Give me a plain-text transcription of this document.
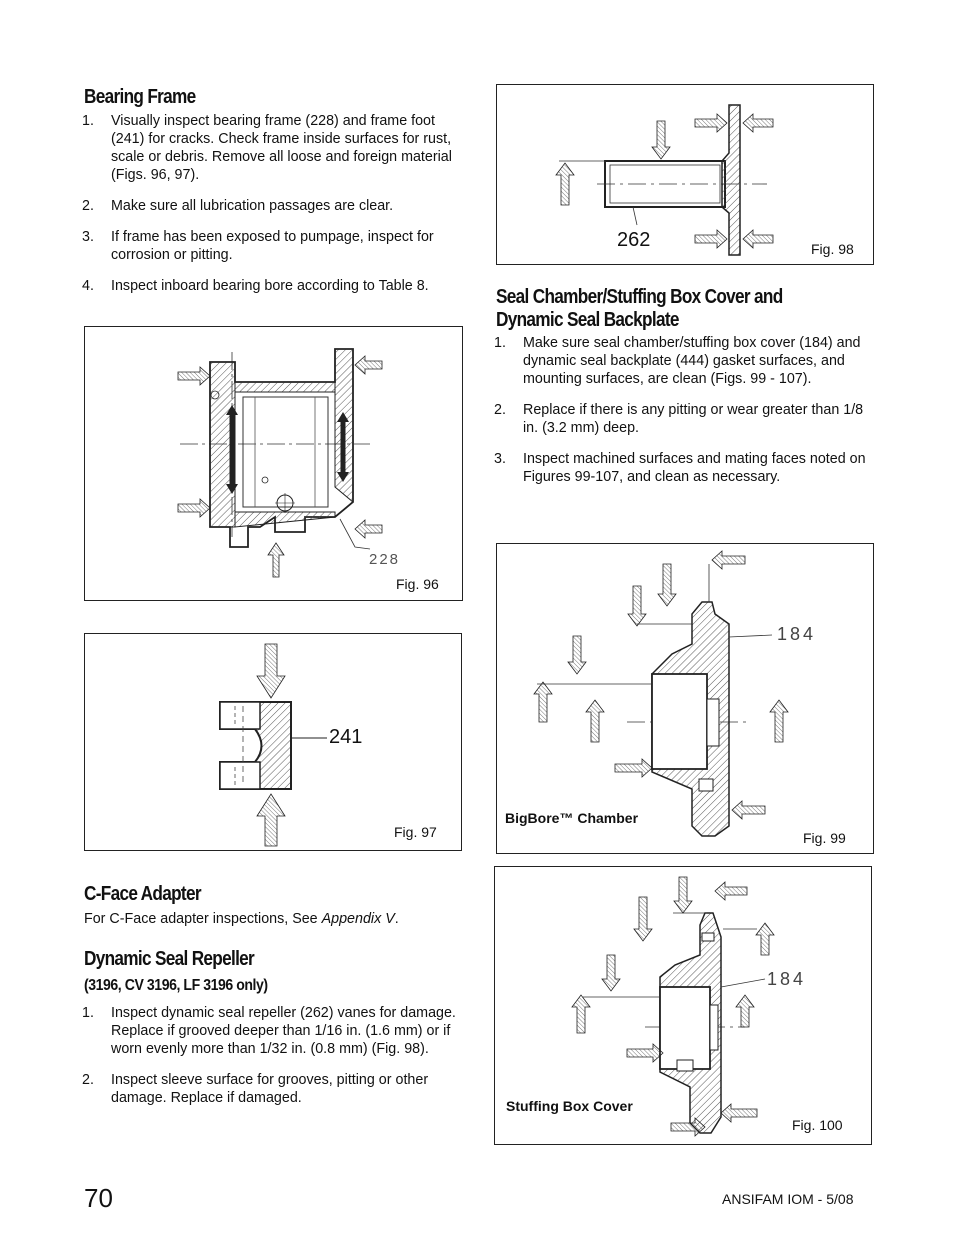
Bearing Frame
1. Visually inspect bearing frame (228) and frame foot (241) for cracks. Check frame inside surfaces for rust, scale or debris. Remove all loose and foreign material (Figs. 96, 97).
2. Make sure all lubrication passages are clear.
3. If frame has been exposed to pumpage, inspect for corrosion or pitting.
4. Inspect inboard bearing bore according to Table 8.
228
Fig. 96
241
Fig. 97
C-Face Adapter

For C-Face adapter inspections, See Appendix V.

Dynamic Seal Repeller
(3196, CV 3196, LF 3196 only)
1. Inspect dynamic seal repeller (262) vanes for damage. Replace if grooved deeper than 1/16 in. (1.6 mm) or if worn evenly more than 1/32 in. (0.8 mm) (Fig. 98).
2. Inspect sleeve surface for grooves, pitting or other damage. Replace if damaged.
262	Fig. 98
Seal Chamber/Stuffing Box Cover and
Dynamic Seal Backplate
1. Make sure seal chamber/stuffing box cover (184) and dynamic seal backplate (444) gasket surfaces, and mounting surfaces, are clean (Figs. 99 - 107).
2. Replace if there is any pitting or wear greater than 1/8 in. (3.2 mm) deep.
3. Inspect machined surfaces and mating faces noted on Figures 99-107, and clean as necessary.
184
BigBore™ Chamber
Fig. 99
184
Stuffing Box Cover
Fig. 100
70	ANSIFAM IOM - 5/08
